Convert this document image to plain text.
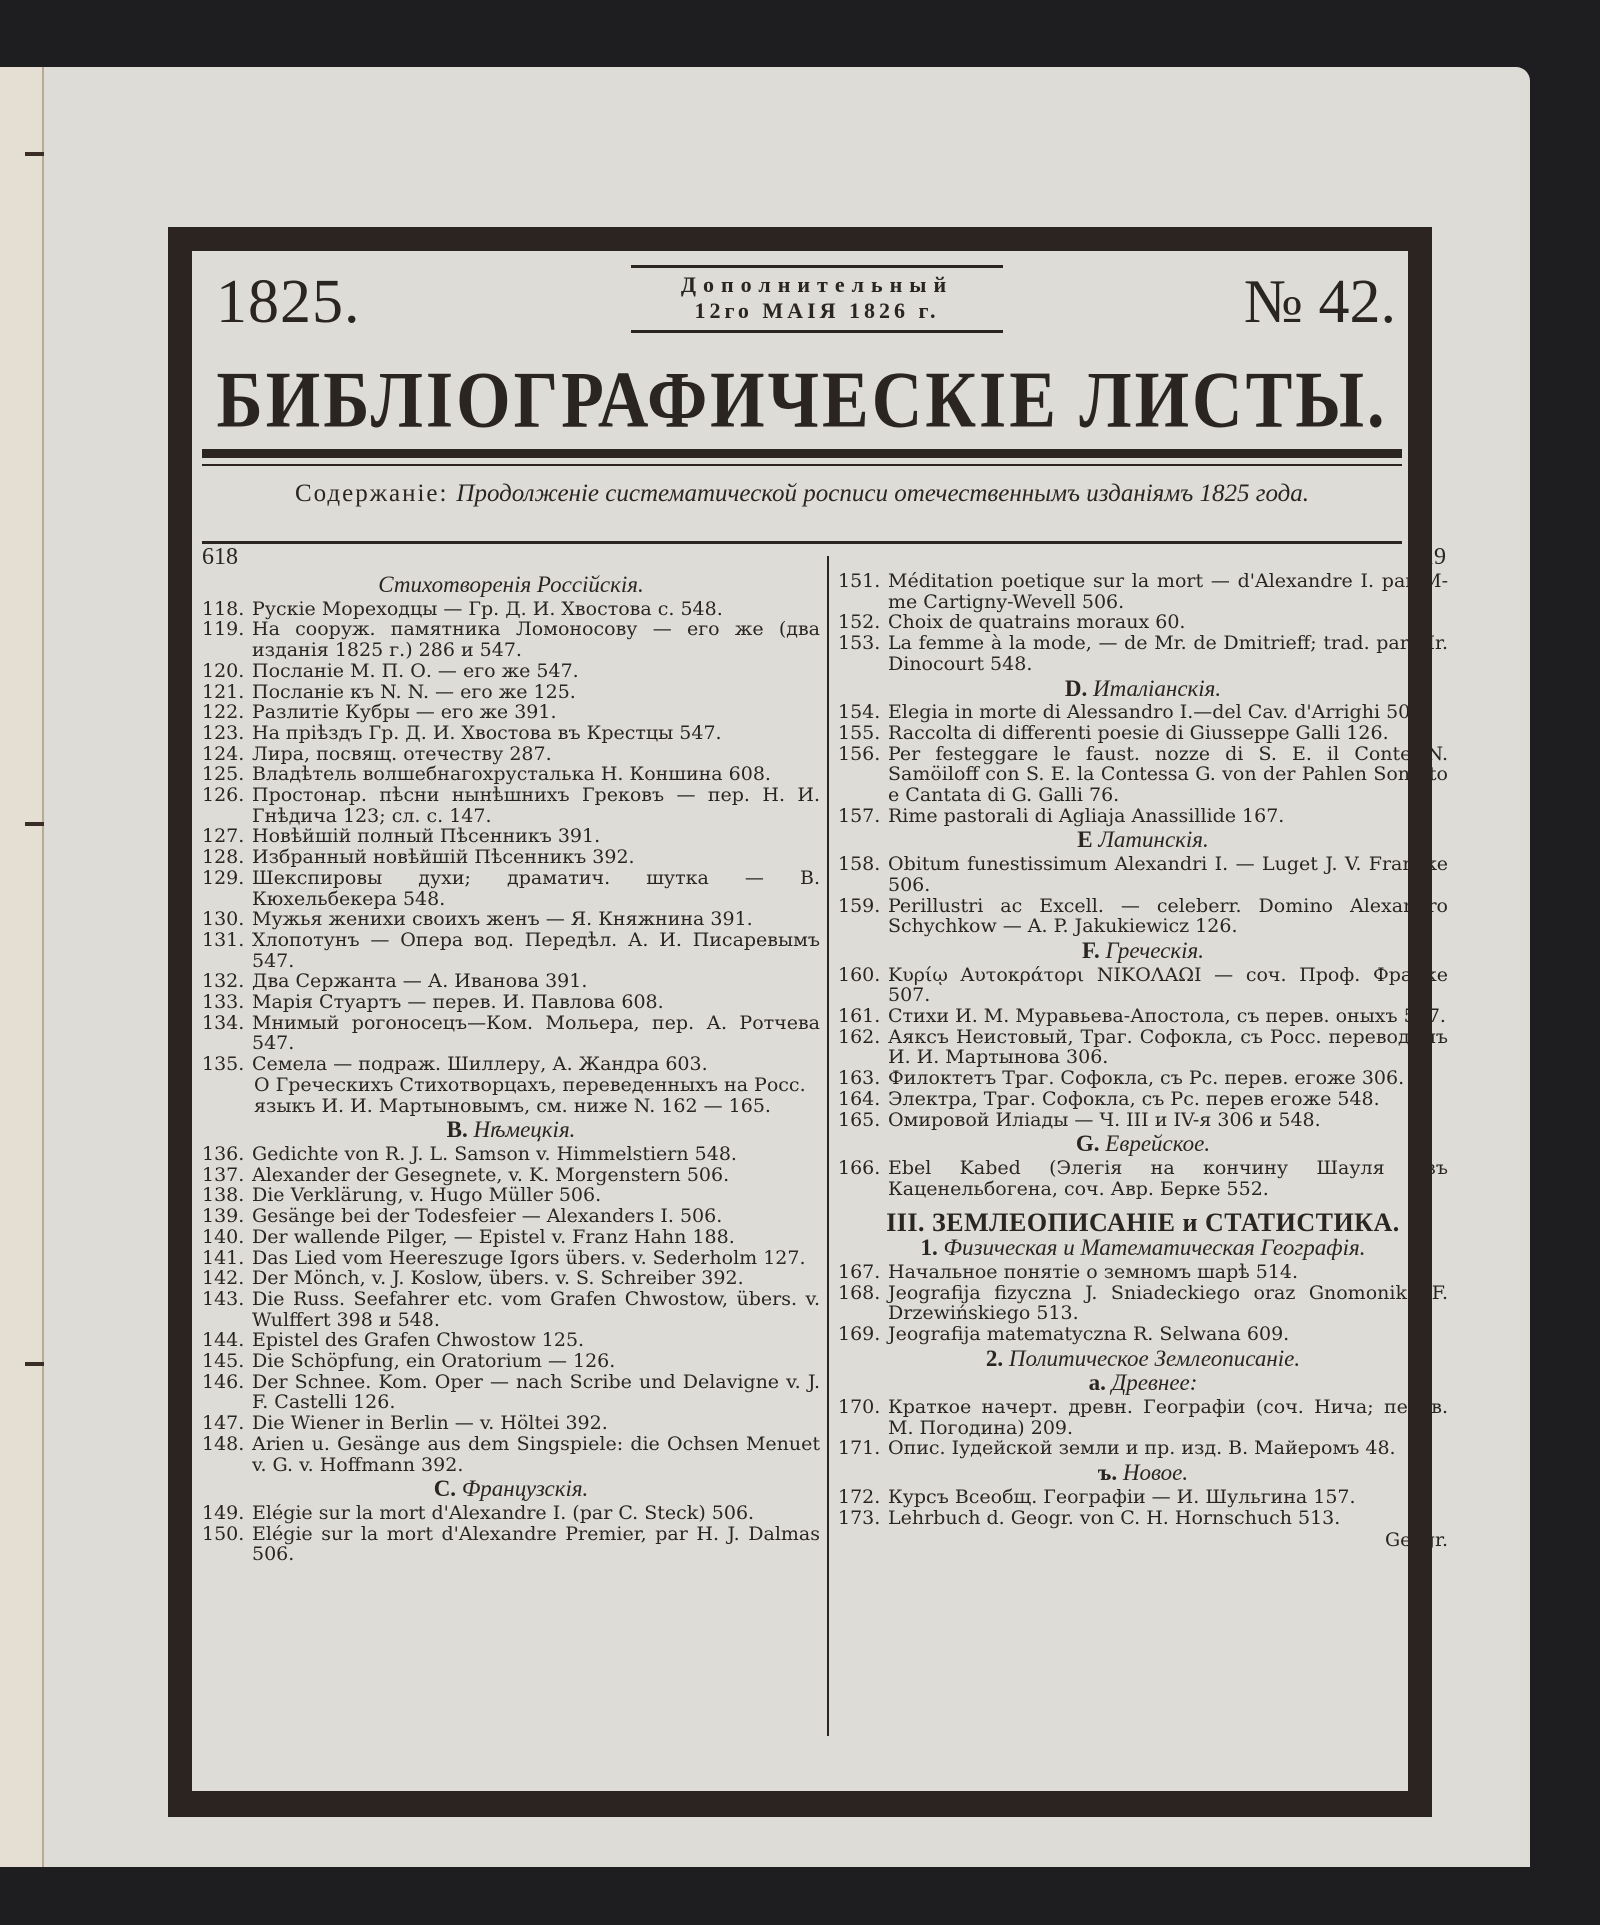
1825.	Дополнительный
12го МАІЯ 1826 г.	№ 42.
БИБЛІОГРАФИЧЕСКІЕ ЛИСТЫ.
Содержаніе: Продолженіе систематической росписи отечественнымъ изданіямъ 1825 года.
618
Стихотворенія Россійскія.
118. Рускіе Мореходцы — Гр. Д. И. Хвостова с. 548.
119. На сооруж. памятника Ломоносову — его же (два изданія 1825 г.) 286 и 547.
120. Посланіе М. П. О. — его же 547.
121. Посланіе къ N. N. — его же 125.
122. Разлитіе Кубры — его же 391.
123. На пріѣздъ Гр. Д. И. Хвостова въ Крестцы 547.
124. Лира, посвящ. отечеству 287.
125. Владѣтель волшебнагохрусталька Н. Коншина 608.
126. Простонар. пѣсни нынѣшнихъ Грековъ — пер. Н. И. Гнѣдича 123; сл. с. 147.
127. Новѣйшій полный Пѣсенникъ 391.
128. Избранный новѣйшій Пѣсенникъ 392.
129. Шекспировы духи; драматич. шутка — В. Кюхельбекера 548.
130. Мужья женихи своихъ женъ — Я. Княжнина 391.
131. Хлопотунъ — Опера вод. Передѣл. А. И. Писаревымъ 547.
132. Два Сержанта — А. Иванова 391.
133. Марія Стуартъ — перев. И. Павлова 608.
134. Мнимый рогоносецъ—Ком. Мольера, пер. А. Ротчева 547.
135. Семела — подраж. Шиллеру, А. Жандра 603.
О Греческихъ Стихотворцахъ, переведенныхъ на Росс. языкъ И. И. Мартыновымъ, см. ниже N. 162 — 165.
B. Нѣмецкія.
136. Gedichte von R. J. L. Samson v. Himmelstiern 548.
137. Alexander der Gesegnete, v. K. Morgenstern 506.
138. Die Verklärung, v. Hugo Müller 506.
139. Gesänge bei der Todesfeier — Alexanders I. 506.
140. Der wallende Pilger, — Epistel v. Franz Hahn 188.
141. Das Lied vom Heereszuge Igors übers. v. Sederholm 127.
142. Der Mönch, v. J. Koslow, übers. v. S. Schreiber 392.
143. Die Russ. Seefahrer etc. vom Grafen Chwostow, übers. v. Wulffert 398 и 548.
144. Epistel des Grafen Chwostow 125.
145. Die Schöpfung, ein Oratorium — 126.
146. Der Schnee. Kom. Oper — nach Scribe und Delavigne v. J. F. Castelli 126.
147. Die Wiener in Berlin — v. Höltei 392.
148. Arien u. Gesänge aus dem Singspiele: die Ochsen Menuet v. G. v. Hoffmann 392.
C. Французскія.
149. Elégie sur la mort d'Alexandre I. (par C. Steck) 506.
150. Elégie sur la mort d'Alexandre Premier, par H. J. Dalmas 506.
619
151. Méditation poetique sur la mort — d'Alexandre I. par M-me Cartigny-Wevell 506.
152. Choix de quatrains moraux 60.
153. La femme à la mode, — de Mr. de Dmitrieff; trad. par Mr. Dinocourt 548.
D. Италіанскія.
154. Elegia in morte di Alessandro I.—del Cav. d'Arrighi 506.
155. Raccolta di differenti poesie di Giusseppe Galli 126.
156. Per festeggare le faust. nozze di S. E. il Conte N. Samöiloff con S. E. la Contessa G. von der Pahlen Sonetto e Cantata di G. Galli 76.
157. Rime pastorali di Agliaja Anassillide 167.
E Латинскія.
158. Obitum funestissimum Alexandri I. — Luget J. V. Francke 506.
159. Perillustri ac Excell. — celeberr. Domino Alexandro Schychkow — A. P. Jakukiewicz 126.
F. Греческія.
160. Κυρίῳ Αυτοκράτορι ΝΙΚΟΛΑΩΙ — соч. Проф. Франке 507.
161. Стихи И. М. Муравьева-Апостола, съ перев. оныхъ 507.
162. Аяксъ Неистовый, Траг. Софокла, съ Росс. переводомъ И. И. Мартынова 306.
163. Филоктетъ Траг. Софокла, съ Рс. перев. егоже 306.
164. Электра, Траг. Софокла, съ Рс. перев егоже 548.
165. Омировой Иліады — Ч. III и IV-я 306 и 548.
G. Еврейское.
166. Ebel Kabed (Элегія на кончину Шауля изъ Каценельбогена, соч. Авр. Берке 552.
III. ЗЕМЛЕОПИСАНІЕ и СТАТИСТИКА.
1. Физическая и Математическая Географія.
167. Начальное понятіе о земномъ шарѣ 514.
168. Jeografija fizyczna J. Sniadeckiego oraz Gnomonika F. Drzewińskiego 513.
169. Jeografija matematyczna R. Selwana 609.
2. Политическое Землеописаніе.
a. Древнее:
170. Краткое начерт. древн. Географіи (соч. Нича; перев. М. Погодина) 209.
171. Опис. Іудейской земли и пр. изд. В. Майеромъ 48.
ъ. Новое.
172. Курсъ Всеобщ. Географіи — И. Шульгина 157.
173. Lehrbuch d. Geogr. von C. H. Hornschuch 513.
Geogr.
